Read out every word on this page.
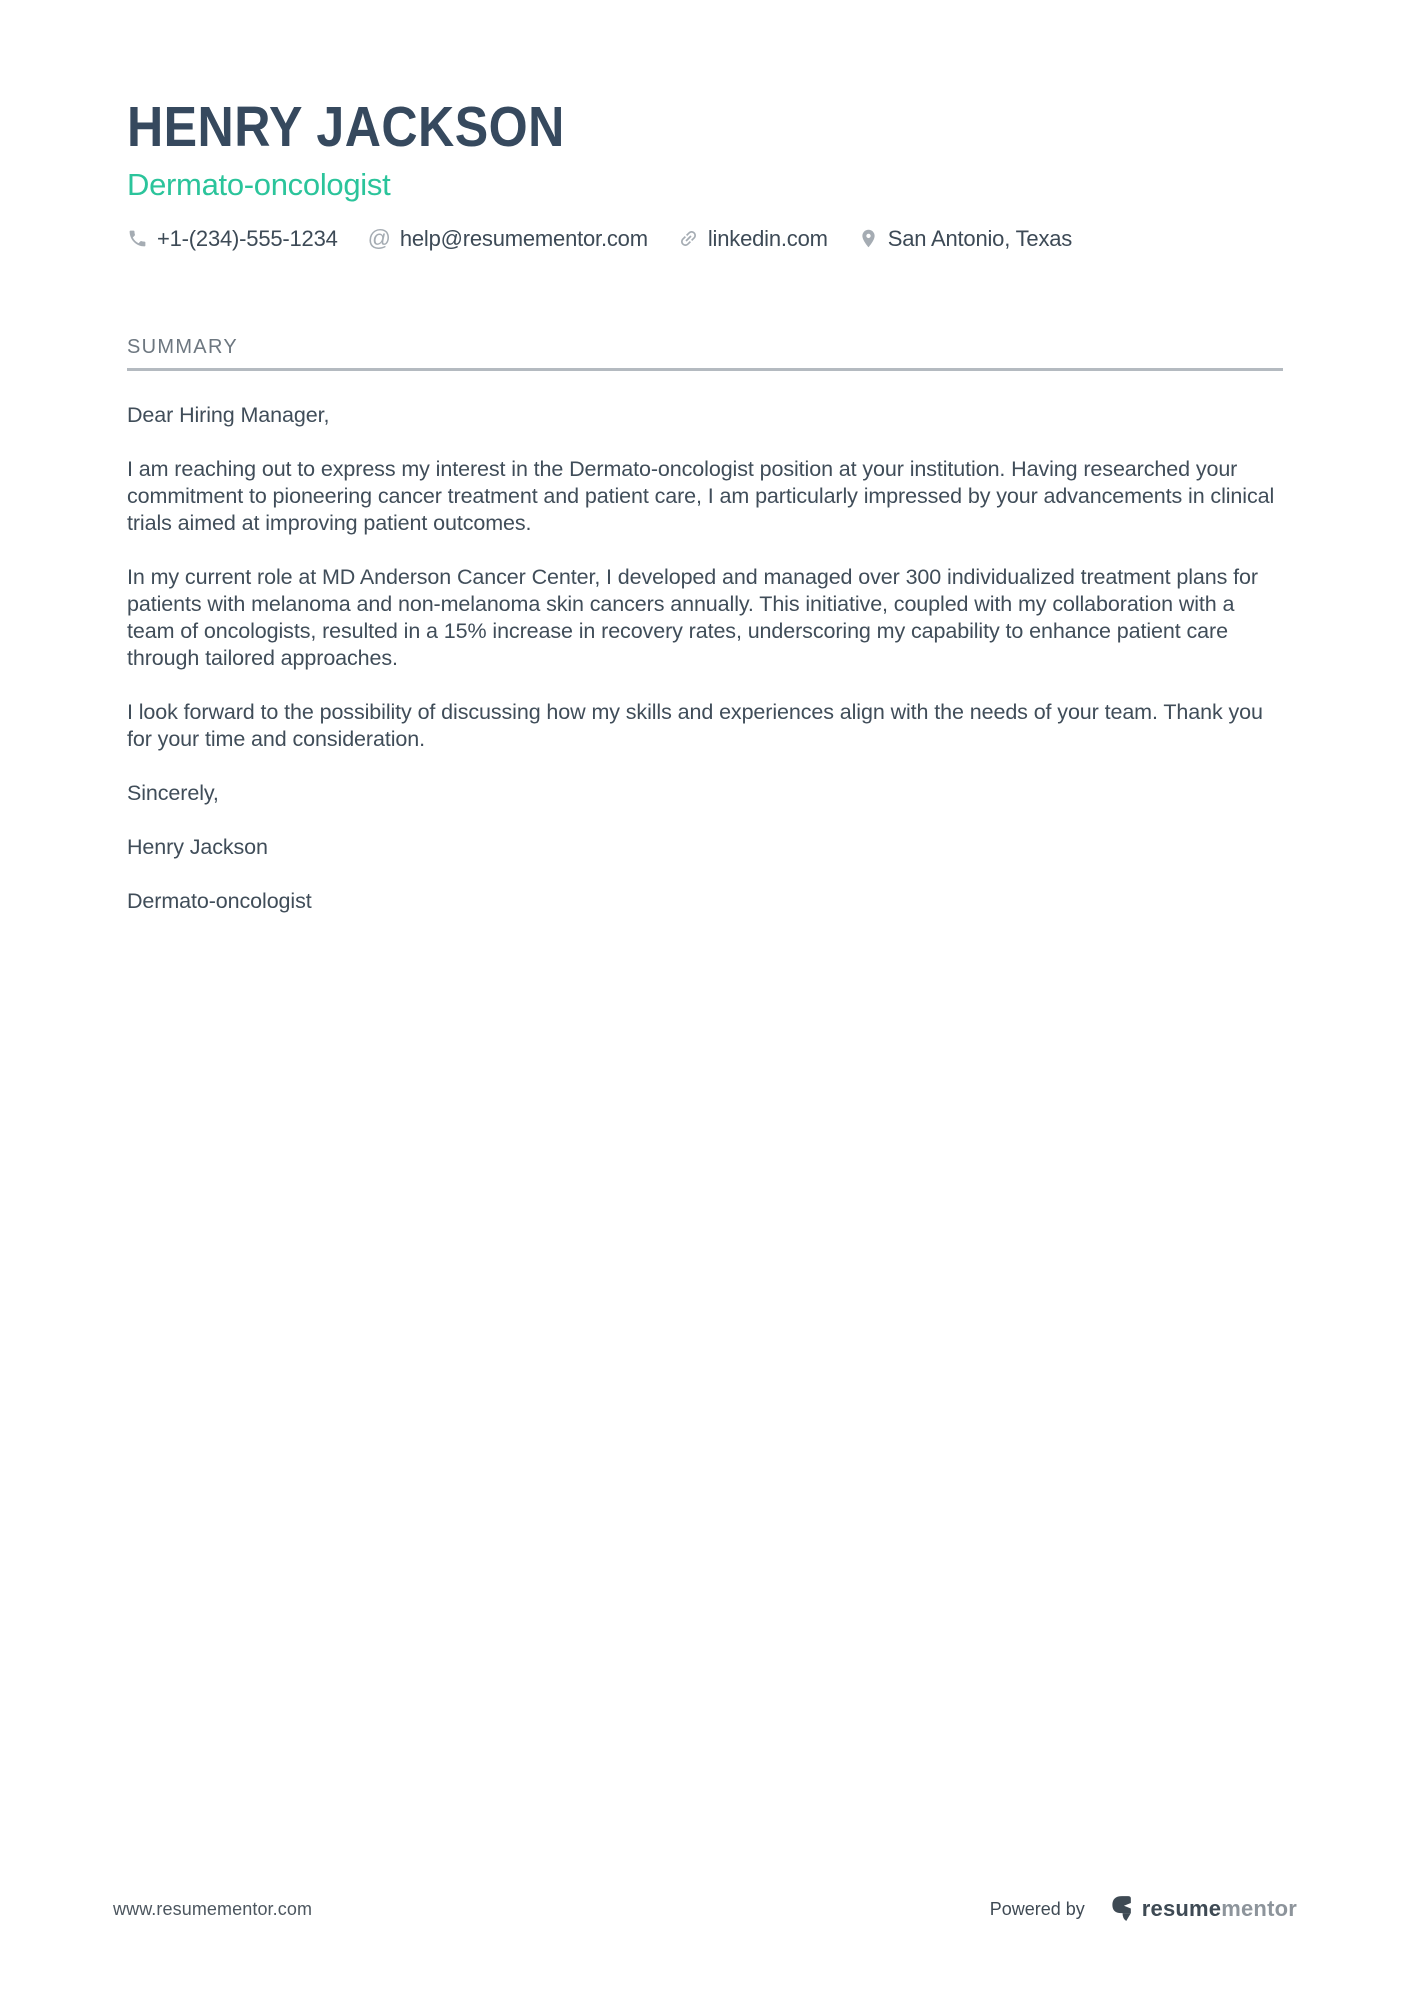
HENRY JACKSON
Dermato-oncologist
+1-(234)-555-1234 @ help@resumementor.com	linkedin.com	San Antonio, Texas
SUMMARY

Dear Hiring Manager,

I am reaching out to express my interest in the Dermato-oncologist position at your institution. Having researched your commitment to pioneering cancer treatment and patient care, I am particularly impressed by your advancements in clinical trials aimed at improving patient outcomes.

In my current role at MD Anderson Cancer Center, I developed and managed over 300 individualized treatment plans for patients with melanoma and non-melanoma skin cancers annually. This initiative, coupled with my collaboration with a team of oncologists, resulted in a 15% increase in recovery rates, underscoring my capability to enhance patient care through tailored approaches.

I look forward to the possibility of discussing how my skills and experiences align with the needs of your team. Thank you for your time and consideration.

Sincerely,

Henry Jackson

Dermato-oncologist

www.resumementor.com	Powered by	resumementor
